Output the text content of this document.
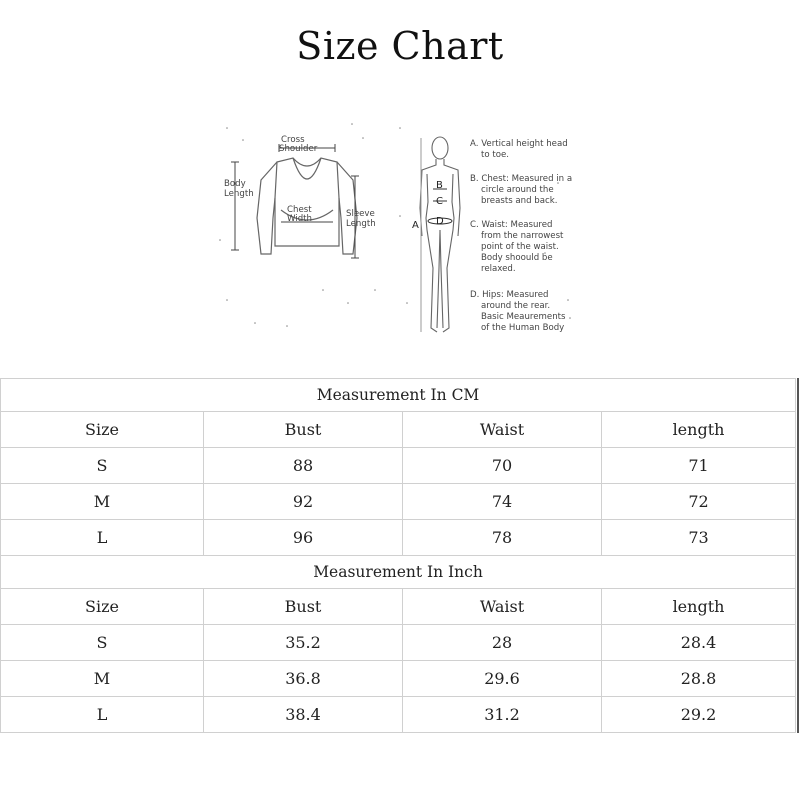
Size Chart
Cross
Shoulder
Body
Length
Chest
Width	Sleeve
Length
B
C
D
A
A. Vertical height head
to toe.
B. Chest: Measured in a
circle around the
breasts and back.
C. Waist: Measured
from the narrowest
point of the waist.
Body shoould be
relaxed.
D. Hips: Measured
around the rear.
Basic Meaurements
of the Human Body
Measurement In CM			
Size	Bust	Waist	length
S	88	70	71
M	92	74	72
L	96	78	73
Measurement In Inch			
Size	Bust	Waist	length
S	35.2	28	28.4
M	36.8	29.6	28.8
L	38.4	31.2	29.2
